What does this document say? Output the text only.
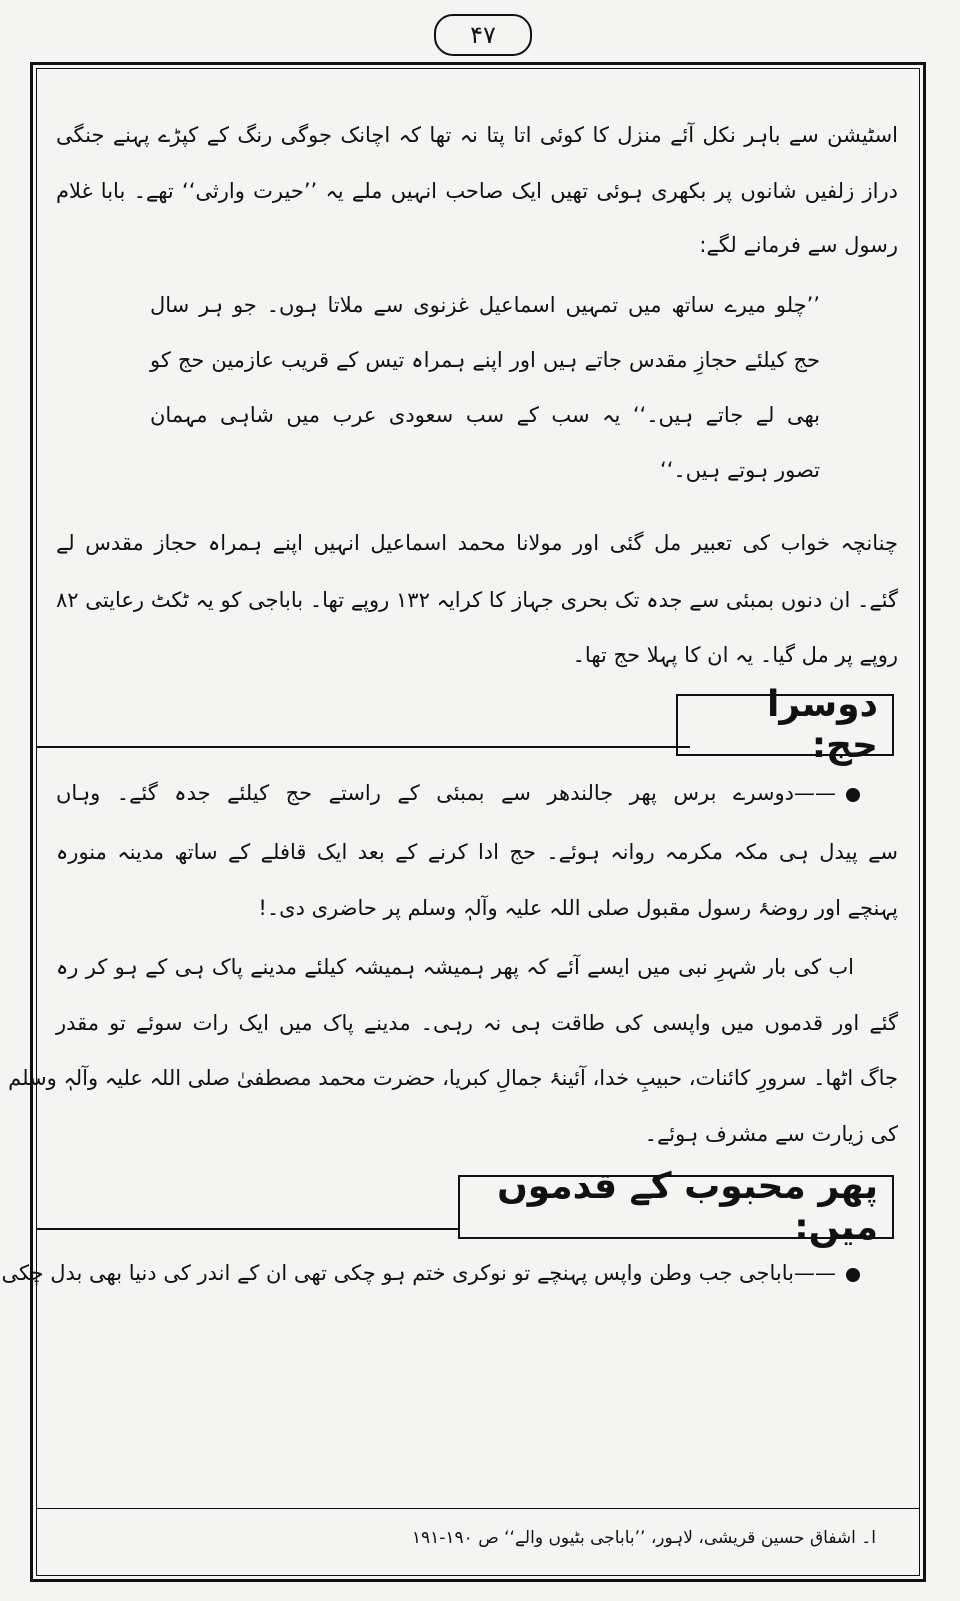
۴۷
اسٹیشن سے باہر نکل آئے منزل کا کوئی اتا پتا نہ تھا کہ اچانک جوگی رنگ کے کپڑے پہنے جنگی
دراز زلفیں شانوں پر بکھری ہوئی تھیں ایک صاحب انہیں ملے یہ ’’حیرت وارثی‘‘ تھے۔ بابا غلام
رسول سے فرمانے لگے:
’’چلو میرے ساتھ میں تمہیں اسماعیل غزنوی سے ملاتا ہوں۔ جو ہر سال
حج کیلئے حجازِ مقدس جاتے ہیں اور اپنے ہمراہ تیس کے قریب عازمین حج کو
بھی لے جاتے ہیں۔‘‘ یہ سب کے سب سعودی عرب میں شاہی مہمان
تصور ہوتے ہیں۔‘‘
چنانچہ خواب کی تعبیر مل گئی اور مولانا محمد اسماعیل انہیں اپنے ہمراہ حجاز مقدس لے
گئے۔ ان دنوں بمبئی سے جدہ تک بحری جہاز کا کرایہ ۱۳۲ روپے تھا۔ باباجی کو یہ ٹکٹ رعایتی ۸۲
روپے پر مل گیا۔ یہ ان کا پہلا حج تھا۔
دوسرا حج:
——دوسرے برس پھر جالندھر سے بمبئی کے راستے حج کیلئے جدہ گئے۔ وہاں
سے پیدل ہی مکہ مکرمہ روانہ ہوئے۔ حج ادا کرنے کے بعد ایک قافلے کے ساتھ مدینہ منورہ
پہنچے اور روضۂ رسول مقبول صلی اللہ علیہ وآلہٖ وسلم پر حاضری دی۔!
اب کی بار شہرِ نبی میں ایسے آئے کہ پھر ہمیشہ ہمیشہ کیلئے مدینے پاک ہی کے ہو کر رہ
گئے اور قدموں میں واپسی کی طاقت ہی نہ رہی۔ مدینے پاک میں ایک رات سوئے تو مقدر
جاگ اٹھا۔ سرورِ کائنات، حبیبِ خدا، آئینۂ جمالِ کبریا، حضرت محمد مصطفیٰ صلی اللہ علیہ وآلہٖ وسلم
کی زیارت سے مشرف ہوئے۔
پھر محبوب کے قدموں میں:
——باباجی جب وطن واپس پہنچے تو نوکری ختم ہو چکی تھی ان کے اندر کی دنیا بھی بدل چکی
ا۔ اشفاق حسین قریشی، لاہور، ’’باباجی بٹیوں والے‘‘ ص ۱۹۰-۱۹۱
